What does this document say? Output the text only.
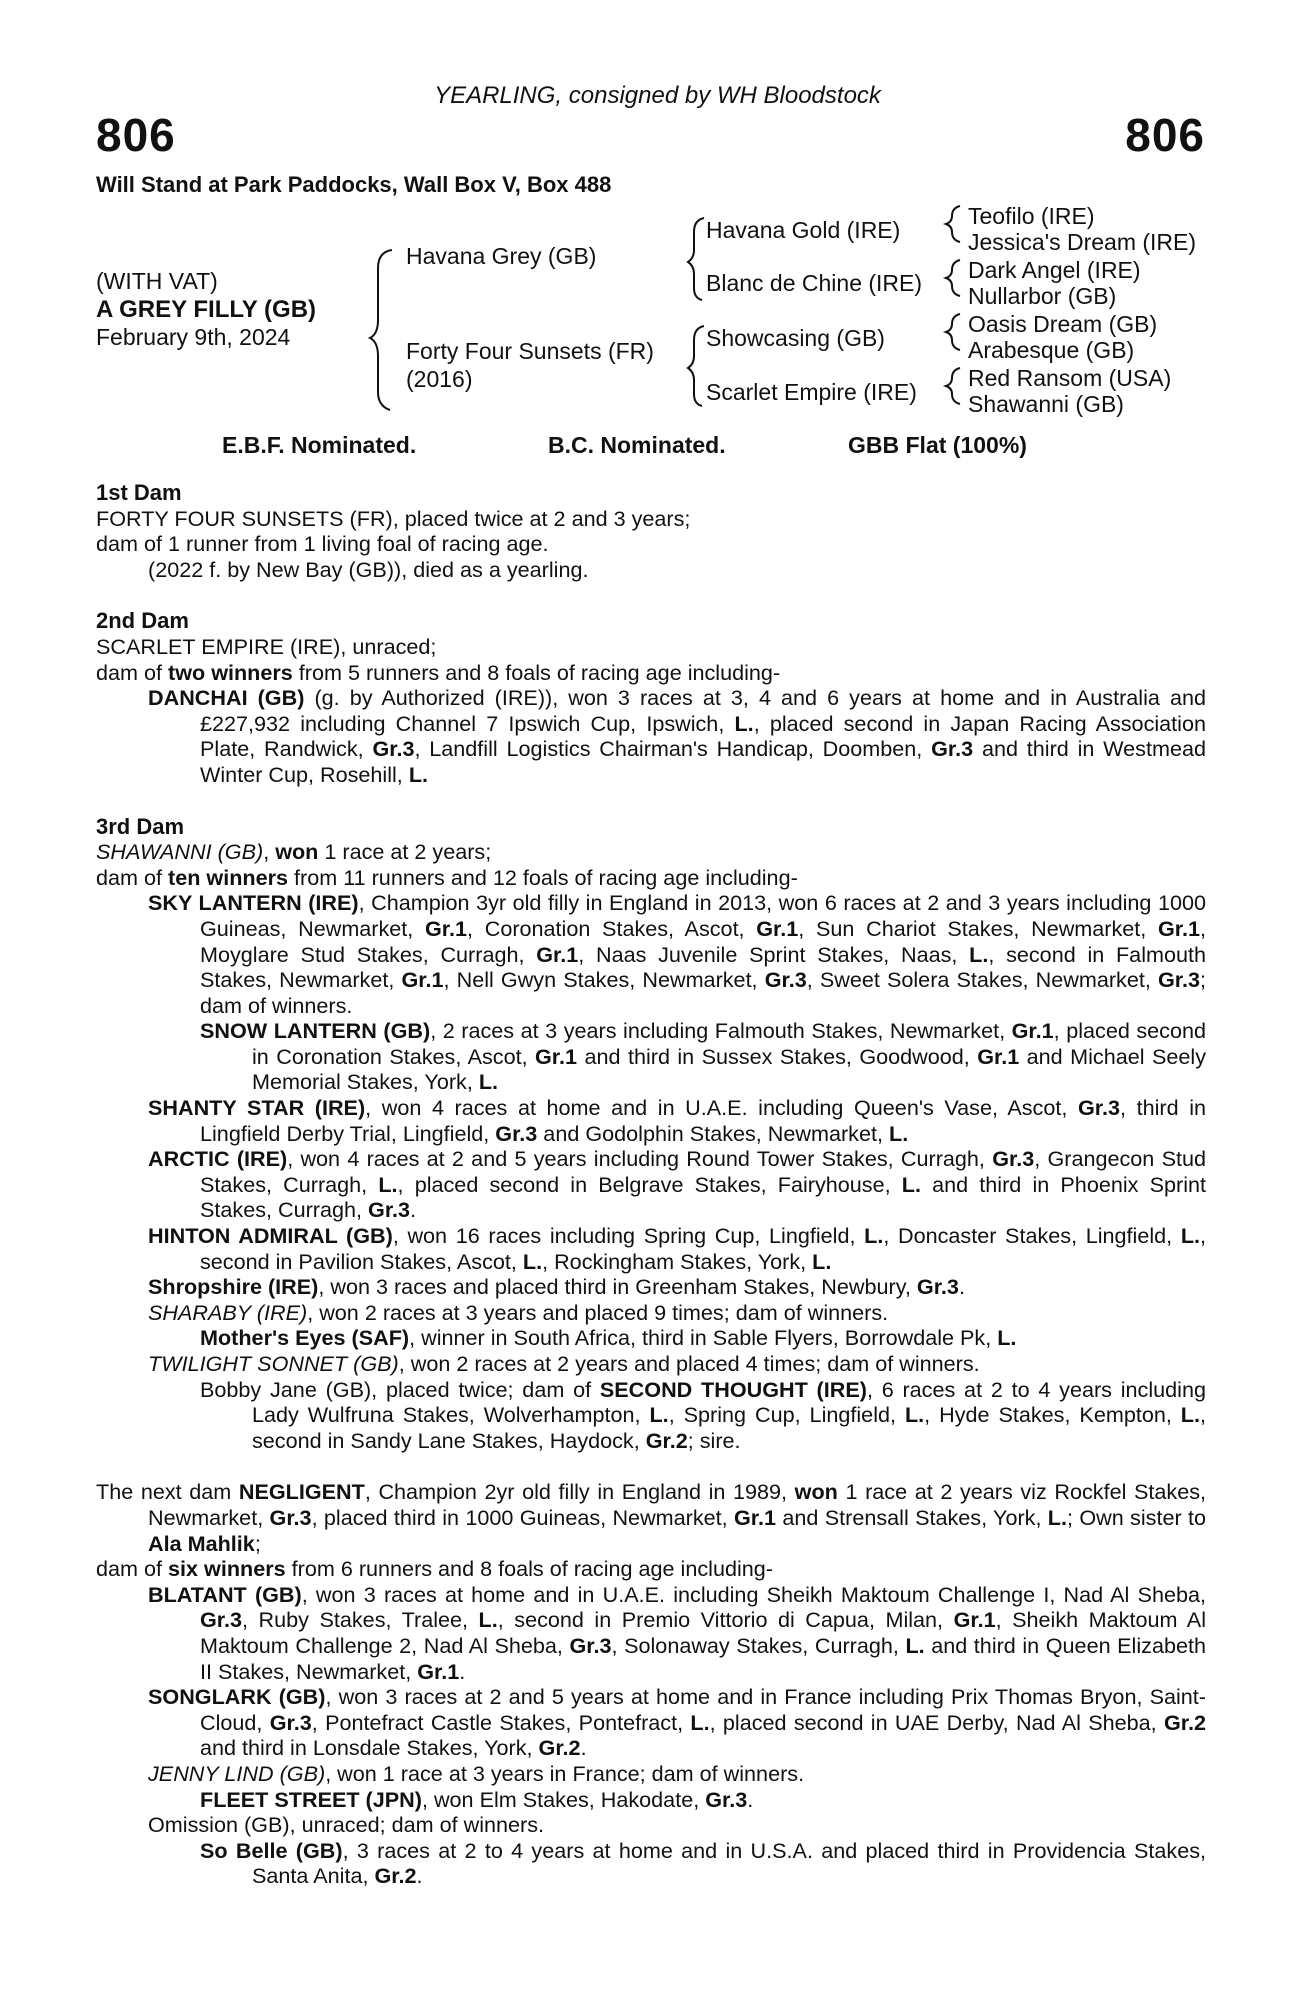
YEARLING, consigned by WH Bloodstock
806	806
Will Stand at Park Paddocks, Wall Box V, Box 488
(WITH VAT)
A GREY FILLY (GB)
February 9th, 2024
Havana Grey (GB)
Forty Four Sunsets (FR)
(2016)
Havana Gold (IRE)
Blanc de Chine (IRE)
Showcasing (GB)
Scarlet Empire (IRE)
Teofilo (IRE)
Jessica's Dream (IRE)
Dark Angel (IRE)
Nullarbor (GB)
Oasis Dream (GB)
Arabesque (GB)
Red Ransom (USA)
Shawanni (GB)
E.B.F. Nominated.	B.C. Nominated.	GBB Flat (100%)
1st Dam
FORTY FOUR SUNSETS (FR), placed twice at 2 and 3 years;
dam of 1 runner from 1 living foal of racing age.
(2022 f. by New Bay (GB)), died as a yearling.
2nd Dam
SCARLET EMPIRE (IRE), unraced;
dam of two winners from 5 runners and 8 foals of racing age including-
DANCHAI (GB) (g. by Authorized (IRE)), won 3 races at 3, 4 and 6 years at home and in Australia and £227,932 including Channel 7 Ipswich Cup, Ipswich, L., placed second in Japan Racing Association Plate, Randwick, Gr.3, Landfill Logistics Chairman's Handicap, Doomben, Gr.3 and third in Westmead Winter Cup, Rosehill, L.
3rd Dam
SHAWANNI (GB), won 1 race at 2 years;
dam of ten winners from 11 runners and 12 foals of racing age including-
SKY LANTERN (IRE), Champion 3yr old filly in England in 2013, won 6 races at 2 and 3 years including 1000 Guineas, Newmarket, Gr.1, Coronation Stakes, Ascot, Gr.1, Sun Chariot Stakes, Newmarket, Gr.1, Moyglare Stud Stakes, Curragh, Gr.1, Naas Juvenile Sprint Stakes, Naas, L., second in Falmouth Stakes, Newmarket, Gr.1, Nell Gwyn Stakes, Newmarket, Gr.3, Sweet Solera Stakes, Newmarket, Gr.3; dam of winners.
SNOW LANTERN (GB), 2 races at 3 years including Falmouth Stakes, Newmarket, Gr.1, placed second in Coronation Stakes, Ascot, Gr.1 and third in Sussex Stakes, Goodwood, Gr.1 and Michael Seely Memorial Stakes, York, L.
SHANTY STAR (IRE), won 4 races at home and in U.A.E. including Queen's Vase, Ascot, Gr.3, third in Lingfield Derby Trial, Lingfield, Gr.3 and Godolphin Stakes, Newmarket, L.
ARCTIC (IRE), won 4 races at 2 and 5 years including Round Tower Stakes, Curragh, Gr.3, Grangecon Stud Stakes, Curragh, L., placed second in Belgrave Stakes, Fairyhouse, L. and third in Phoenix Sprint Stakes, Curragh, Gr.3.
HINTON ADMIRAL (GB), won 16 races including Spring Cup, Lingfield, L., Doncaster Stakes, Lingfield, L., second in Pavilion Stakes, Ascot, L., Rockingham Stakes, York, L.
Shropshire (IRE), won 3 races and placed third in Greenham Stakes, Newbury, Gr.3.
SHARABY (IRE), won 2 races at 3 years and placed 9 times; dam of winners.
Mother's Eyes (SAF), winner in South Africa, third in Sable Flyers, Borrowdale Pk, L.
TWILIGHT SONNET (GB), won 2 races at 2 years and placed 4 times; dam of winners.
Bobby Jane (GB), placed twice; dam of SECOND THOUGHT (IRE), 6 races at 2 to 4 years including Lady Wulfruna Stakes, Wolverhampton, L., Spring Cup, Lingfield, L., Hyde Stakes, Kempton, L., second in Sandy Lane Stakes, Haydock, Gr.2; sire.
The next dam NEGLIGENT, Champion 2yr old filly in England in 1989, won 1 race at 2 years viz Rockfel Stakes, Newmarket, Gr.3, placed third in 1000 Guineas, Newmarket, Gr.1 and Strensall Stakes, York, L.; Own sister to Ala Mahlik;
dam of six winners from 6 runners and 8 foals of racing age including-
BLATANT (GB), won 3 races at home and in U.A.E. including Sheikh Maktoum Challenge I, Nad Al Sheba, Gr.3, Ruby Stakes, Tralee, L., second in Premio Vittorio di Capua, Milan, Gr.1, Sheikh Maktoum Al Maktoum Challenge 2, Nad Al Sheba, Gr.3, Solonaway Stakes, Curragh, L. and third in Queen Elizabeth II Stakes, Newmarket, Gr.1.
SONGLARK (GB), won 3 races at 2 and 5 years at home and in France including Prix Thomas Bryon, Saint-Cloud, Gr.3, Pontefract Castle Stakes, Pontefract, L., placed second in UAE Derby, Nad Al Sheba, Gr.2 and third in Lonsdale Stakes, York, Gr.2.
JENNY LIND (GB), won 1 race at 3 years in France; dam of winners.
FLEET STREET (JPN), won Elm Stakes, Hakodate, Gr.3.
Omission (GB), unraced; dam of winners.
So Belle (GB), 3 races at 2 to 4 years at home and in U.S.A. and placed third in Providencia Stakes, Santa Anita, Gr.2.
